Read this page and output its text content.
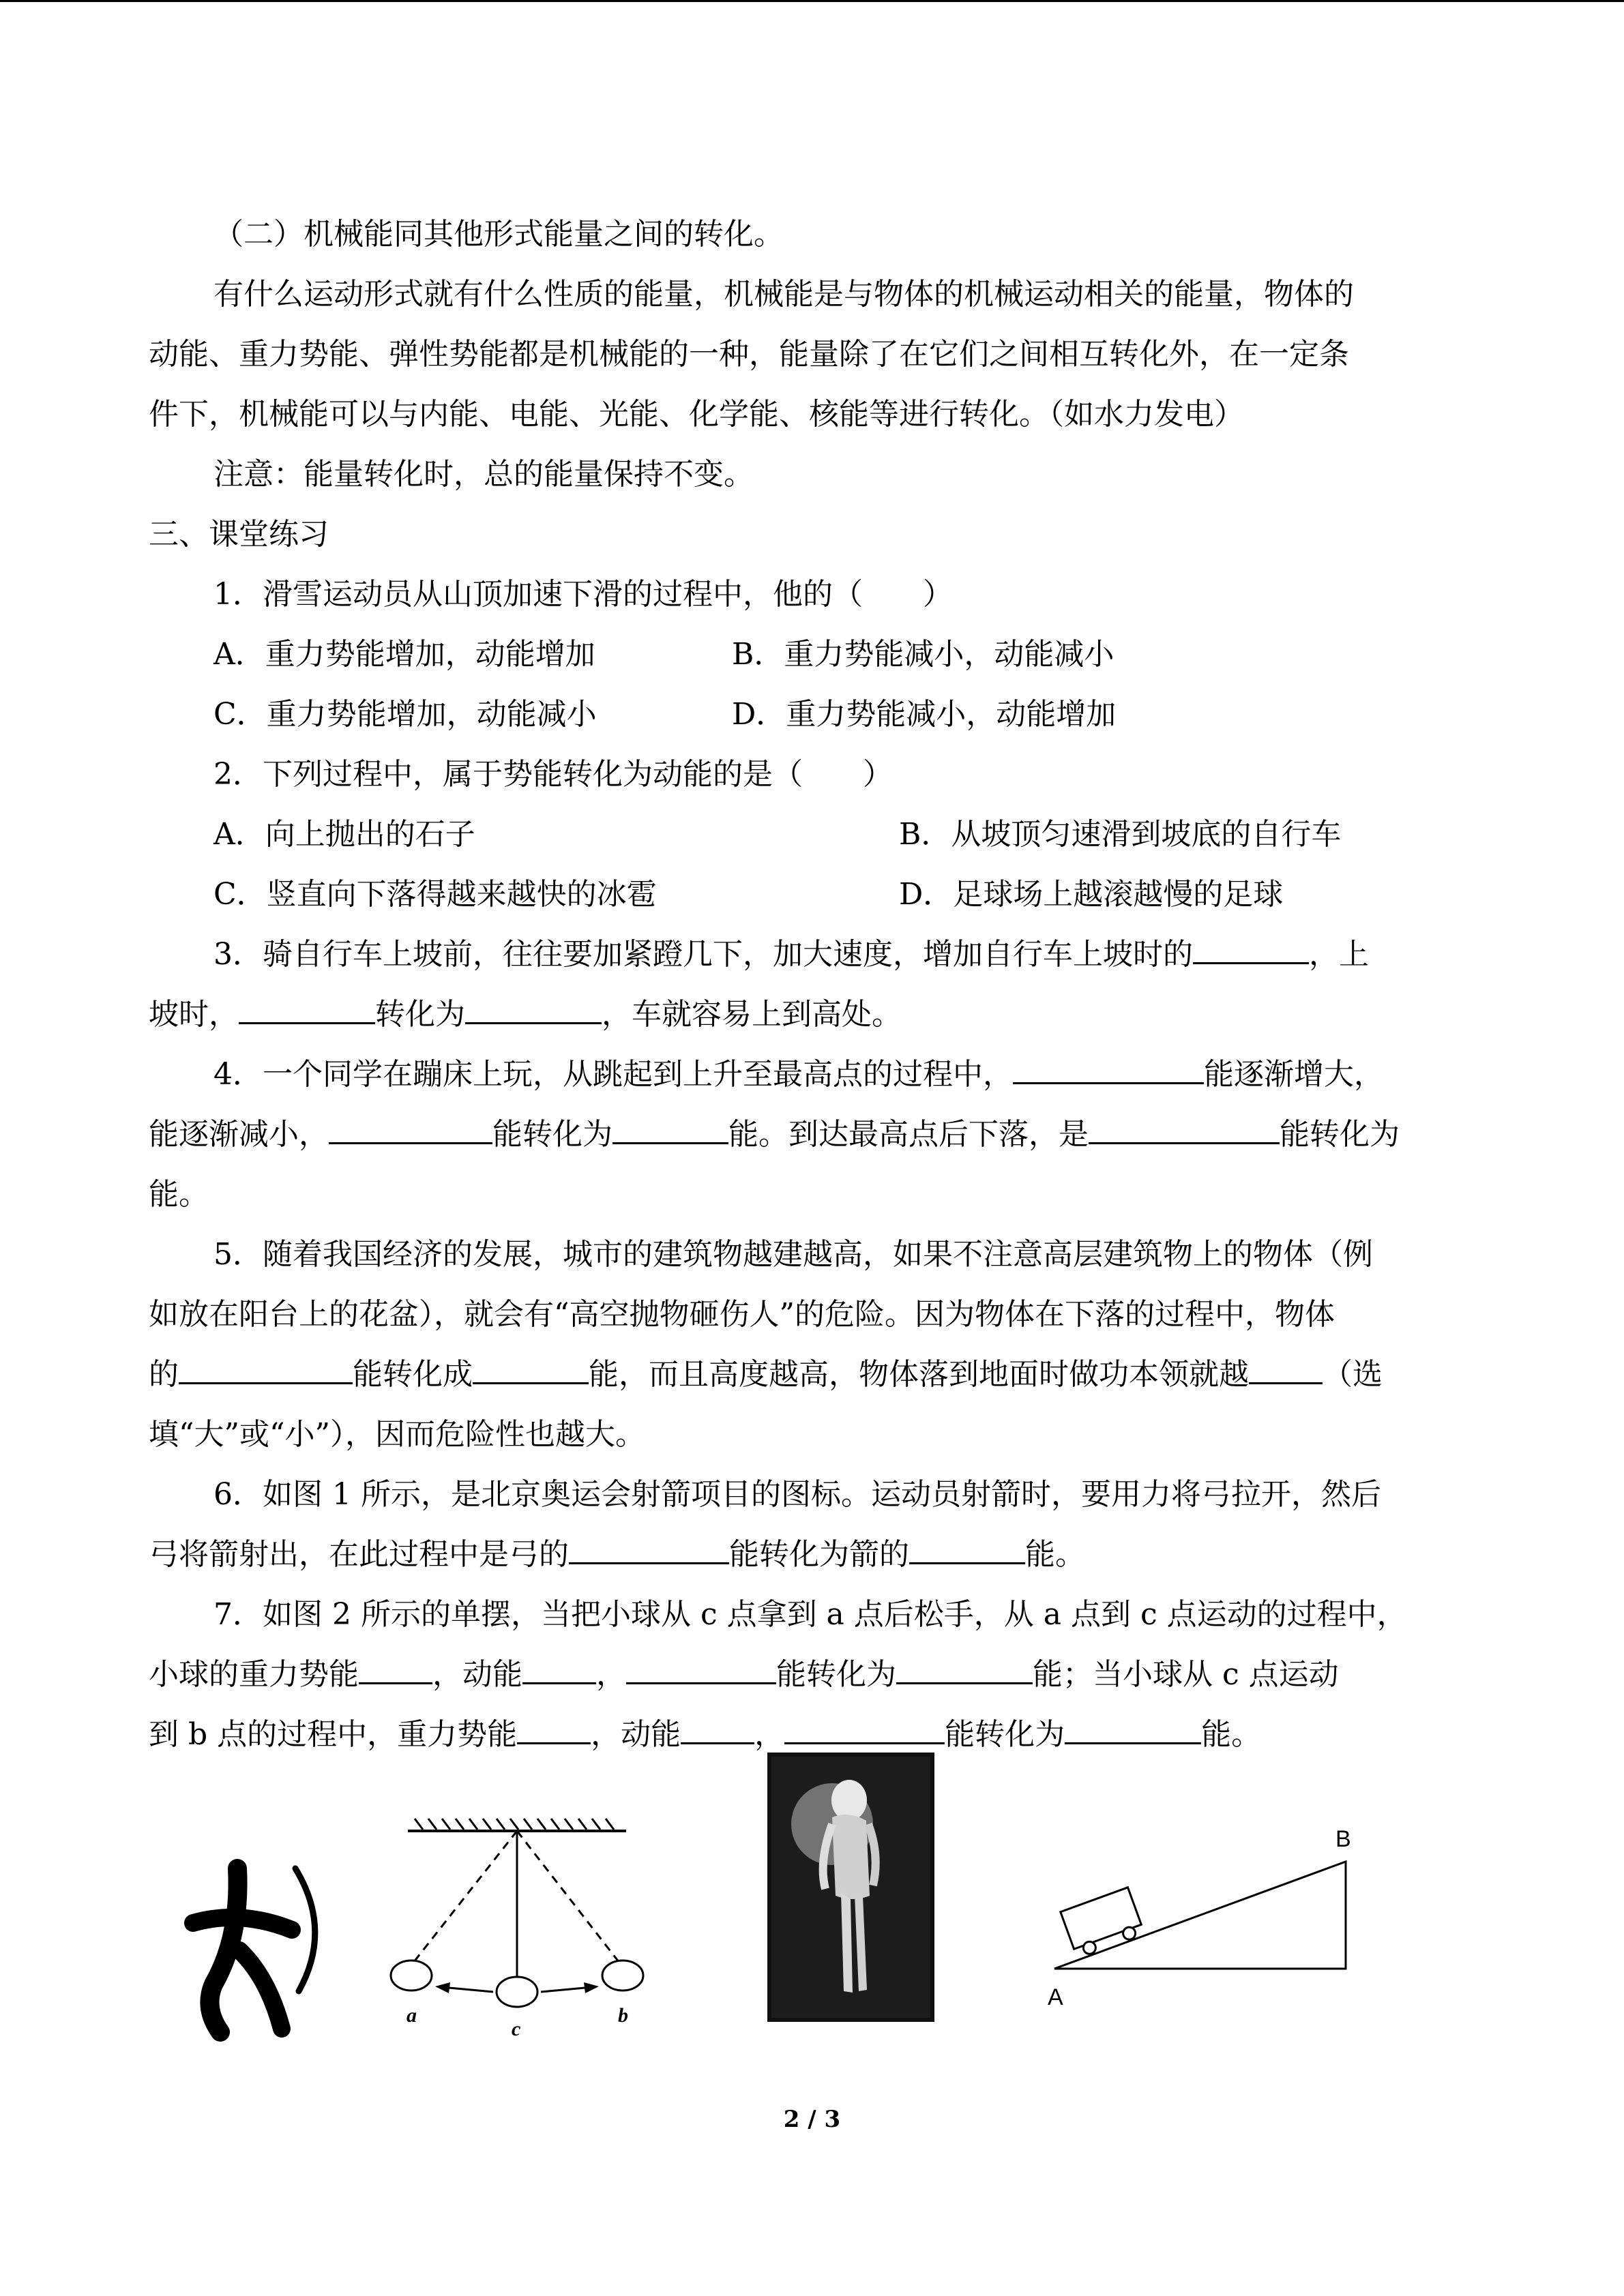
（二）机械能同其他形式能量之间的转化。
有什么运动形式就有什么性质的能量，机械能是与物体的机械运动相关的能量，物体的
动能、重力势能、弹性势能都是机械能的一种，能量除了在它们之间相互转化外，在一定条
件下，机械能可以与内能、电能、光能、化学能、核能等进行转化。（如水力发电）
注意：能量转化时，总的能量保持不变。
三、课堂练习
1．滑雪运动员从山顶加速下滑的过程中，他的（　　）
A．重力势能增加，动能增加	B．重力势能减小，动能减小
C．重力势能增加，动能减小	D．重力势能减小，动能增加
2．下列过程中，属于势能转化为动能的是（　　）
A．向上抛出的石子	B．从坡顶匀速滑到坡底的自行车
C．竖直向下落得越来越快的冰雹	D．足球场上越滚越慢的足球
3．骑自行车上坡前，往往要加紧蹬几下，加大速度，增加自行车上坡时的	，上
坡时，	转化为	，车就容易上到高处。
4．一个同学在蹦床上玩，从跳起到上升至最高点的过程中，	能逐渐增大，
能逐渐减小，	能转化为	能。到达最高点后下落，是	能转化为
能。
5．随着我国经济的发展，城市的建筑物越建越高，如果不注意高层建筑物上的物体（例
如放在阳台上的花盆），就会有“高空抛物砸伤人”的危险。因为物体在下落的过程中，物体
的	能转化成	能，而且高度越高，物体落到地面时做功本领就越 （选
填“大”或“小”），因而危险性也越大。
6．如图 1 所示，是北京奥运会射箭项目的图标。运动员射箭时，要用力将弓拉开，然后
弓将箭射出，在此过程中是弓的	能转化为箭的	能。
7．如图 2 所示的单摆，当把小球从 c 点拿到 a 点后松手，从 a 点到 c 点运动的过程中，
小球的重力势能 ，动能 ，	能转化为	能；当小球从 c 点运动
到 b 点的过程中，重力势能 ，动能 ，	能转化为	能。
a
c
b
A
B
2 / 3
